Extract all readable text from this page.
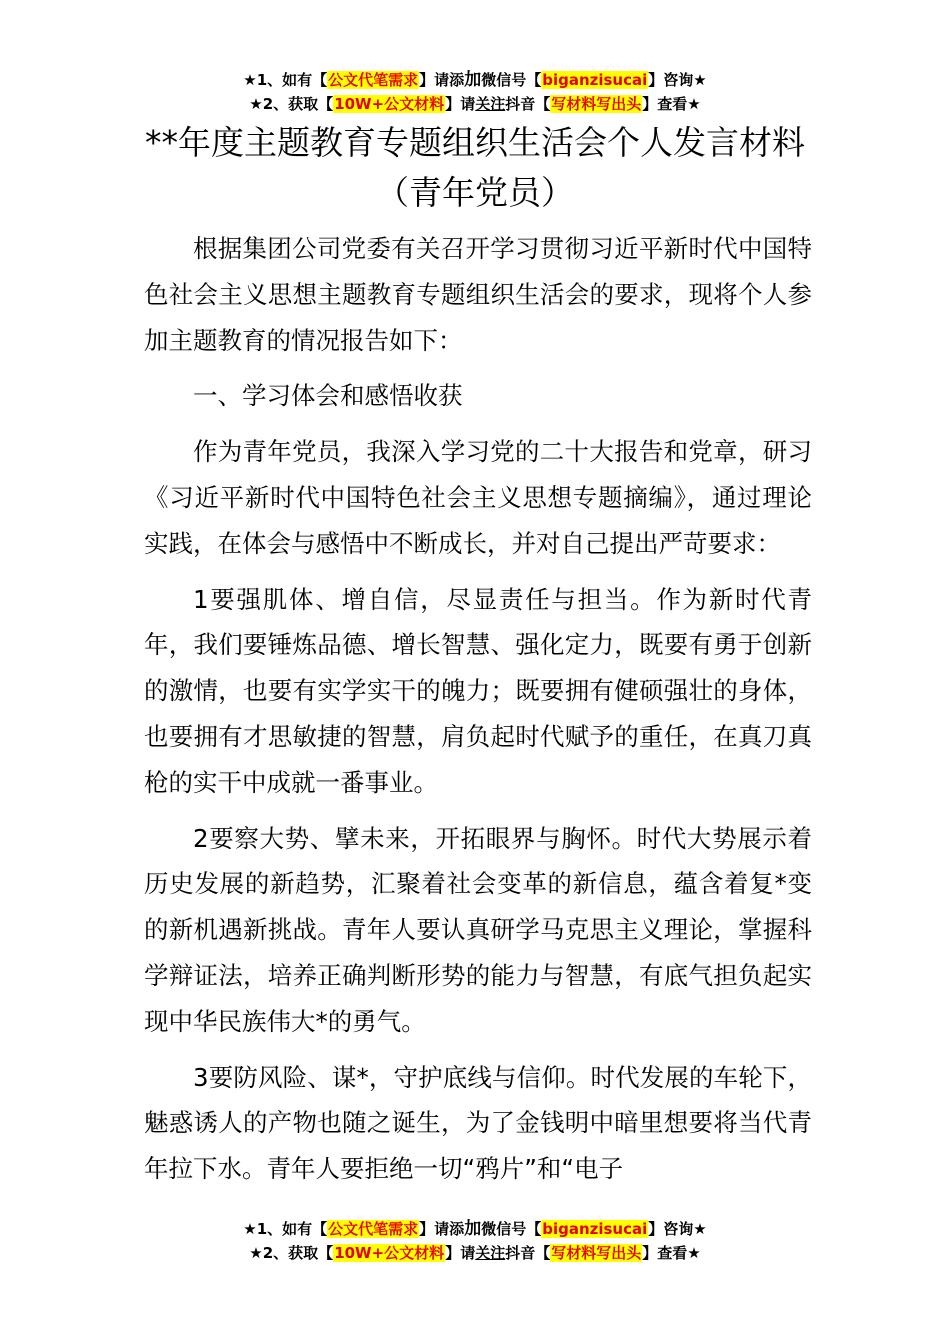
★1、如有【公文代笔需求】请添加微信号【biganzisucai】咨询★
★2、获取【10W+公文材料】请关注抖音【写材料写出头】查看★
**年度主题教育专题组织生活会个人发言材料（青年党员）

根据集团公司党委有关召开学习贯彻习近平新时代中国特色社会主义思想主题教育专题组织生活会的要求，现将个人参加主题教育的情况报告如下：

一、学习体会和感悟收获

作为青年党员，我深入学习党的二十大报告和党章，研习《习近平新时代中国特色社会主义思想专题摘编》，通过理论实践，在体会与感悟中不断成长，并对自己提出严苛要求：

1要强肌体、增自信，尽显责任与担当。作为新时代青年，我们要锤炼品德、增长智慧、强化定力，既要有勇于创新的激情，也要有实学实干的魄力；既要拥有健硕强壮的身体，也要拥有才思敏捷的智慧，肩负起时代赋予的重任，在真刀真枪的实干中成就一番事业。

2要察大势、擘未来，开拓眼界与胸怀。时代大势展示着历史发展的新趋势，汇聚着社会变革的新信息，蕴含着复*变的新机遇新挑战。青年人要认真研学马克思主义理论，掌握科学辩证法，培养正确判断形势的能力与智慧，有底气担负起实现中华民族伟大*的勇气。

3要防风险、谋*，守护底线与信仰。时代发展的车轮下，魅惑诱人的产物也随之诞生，为了金钱明中暗里想要将当代青年拉下水。青年人要拒绝一切“鸦片”和“电子

★1、如有【公文代笔需求】请添加微信号【biganzisucai】咨询★
★2、获取【10W+公文材料】请关注抖音【写材料写出头】查看★
